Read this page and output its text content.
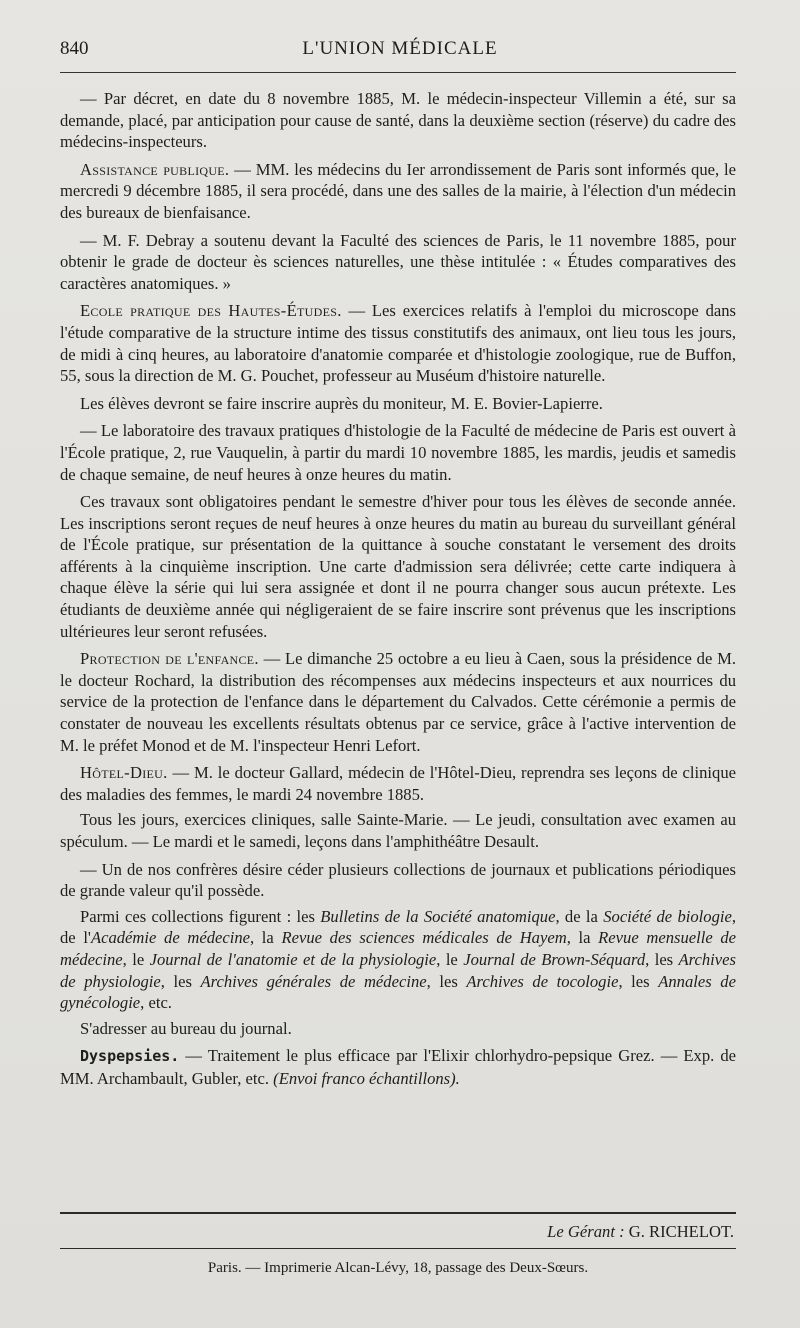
840	L'UNION MÉDICALE

— Par décret, en date du 8 novembre 1885, M. le médecin-inspecteur Villemin a été, sur sa demande, placé, par anticipation pour cause de santé, dans la deuxième section (réserve) du cadre des médecins-inspecteurs.

Assistance publique. — MM. les médecins du Ier arrondissement de Paris sont informés que, le mercredi 9 décembre 1885, il sera procédé, dans une des salles de la mairie, à l'élection d'un médecin des bureaux de bienfaisance.

— M. F. Debray a soutenu devant la Faculté des sciences de Paris, le 11 novembre 1885, pour obtenir le grade de docteur ès sciences naturelles, une thèse intitulée : « Études comparatives des caractères anatomiques. »

Ecole pratique des Hautes-Études. — Les exercices relatifs à l'emploi du microscope dans l'étude comparative de la structure intime des tissus constitutifs des animaux, ont lieu tous les jours, de midi à cinq heures, au laboratoire d'anatomie comparée et d'histologie zoologique, rue de Buffon, 55, sous la direction de M. G. Pouchet, professeur au Muséum d'histoire naturelle.

Les élèves devront se faire inscrire auprès du moniteur, M. E. Bovier-Lapierre.

— Le laboratoire des travaux pratiques d'histologie de la Faculté de médecine de Paris est ouvert à l'École pratique, 2, rue Vauquelin, à partir du mardi 10 novembre 1885, les mardis, jeudis et samedis de chaque semaine, de neuf heures à onze heures du matin.

Ces travaux sont obligatoires pendant le semestre d'hiver pour tous les élèves de seconde année. Les inscriptions seront reçues de neuf heures à onze heures du matin au bureau du surveillant général de l'École pratique, sur présentation de la quittance à souche constatant le versement des droits afférents à la cinquième inscription. Une carte d'admission sera délivrée; cette carte indiquera à chaque élève la série qui lui sera assignée et dont il ne pourra changer sous aucun prétexte. Les étudiants de deuxième année qui négligeraient de se faire inscrire sont prévenus que les inscriptions ultérieures leur seront refusées.

Protection de l'enfance. — Le dimanche 25 octobre a eu lieu à Caen, sous la présidence de M. le docteur Rochard, la distribution des récompenses aux médecins inspecteurs et aux nourrices du service de la protection de l'enfance dans le département du Calvados. Cette cérémonie a permis de constater de nouveau les excellents résultats obtenus par ce service, grâce à l'active intervention de M. le préfet Monod et de M. l'inspecteur Henri Lefort.

Hôtel-Dieu. — M. le docteur Gallard, médecin de l'Hôtel-Dieu, reprendra ses leçons de clinique des maladies des femmes, le mardi 24 novembre 1885.

Tous les jours, exercices cliniques, salle Sainte-Marie. — Le jeudi, consultation avec examen au spéculum. — Le mardi et le samedi, leçons dans l'amphithéâtre Desault.

— Un de nos confrères désire céder plusieurs collections de journaux et publications périodiques de grande valeur qu'il possède.

Parmi ces collections figurent : les Bulletins de la Société anatomique, de la Société de biologie, de l'Académie de médecine, la Revue des sciences médicales de Hayem, la Revue mensuelle de médecine, le Journal de l'anatomie et de la physiologie, le Journal de Brown-Séquard, les Archives de physiologie, les Archives générales de médecine, les Archives de tocologie, les Annales de gynécologie, etc.

S'adresser au bureau du journal.

Dyspepsies. — Traitement le plus efficace par l'Elixir chlorhydro-pepsique Grez. — Exp. de MM. Archambault, Gubler, etc. (Envoi franco échantillons).

Le Gérant : G. RICHELOT.
Paris. — Imprimerie Alcan-Lévy, 18, passage des Deux-Sœurs.
